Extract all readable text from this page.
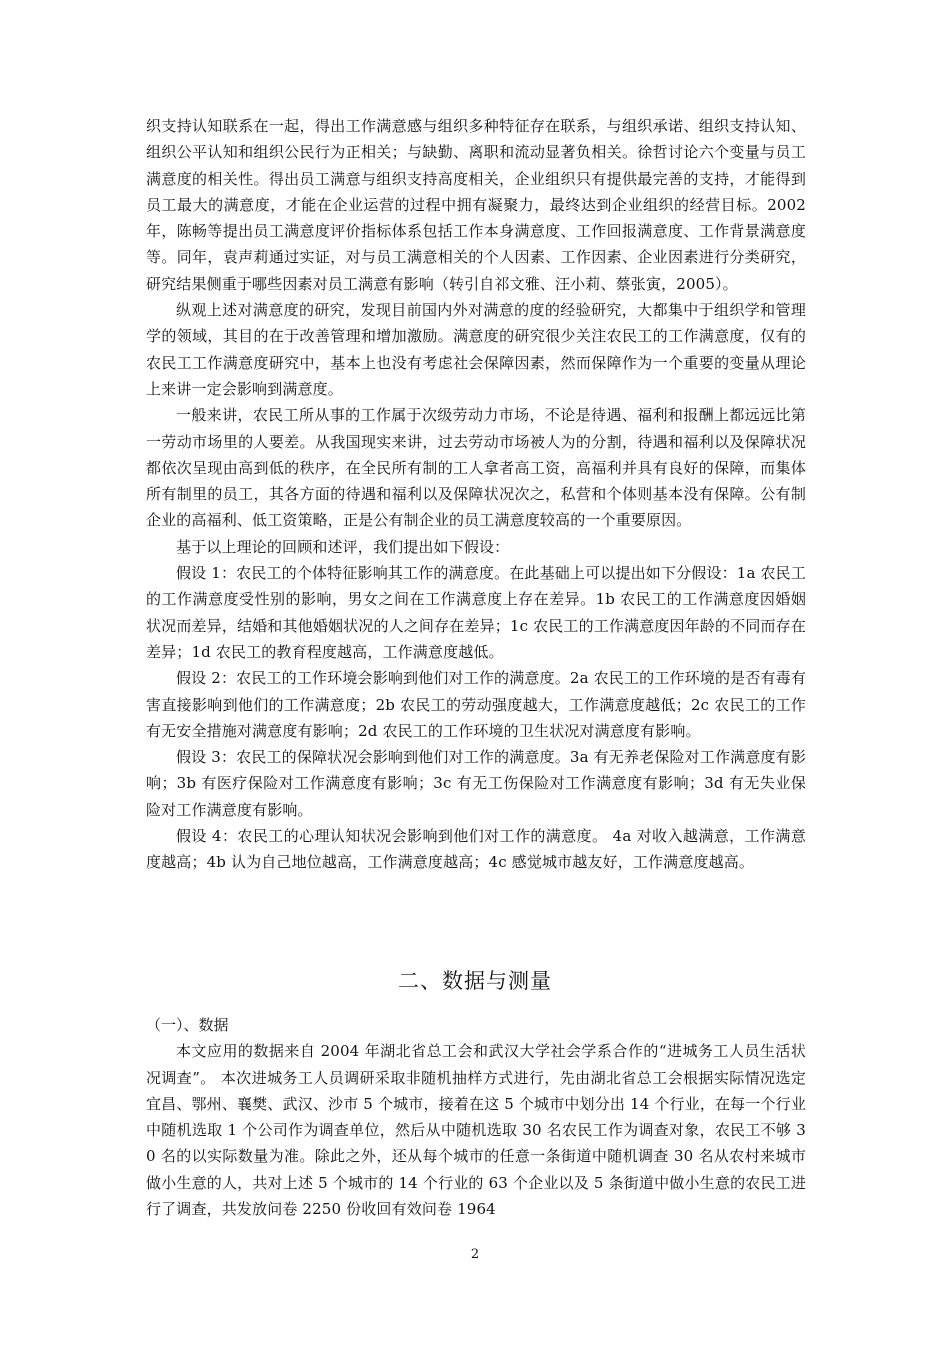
织支持认知联系在一起，得出工作满意感与组织多种特征存在联系，与组织承诺、组织支持认知、组织公平认知和组织公民行为正相关；与缺勤、离职和流动显著负相关。徐哲讨论六个变量与员工满意度的相关性。得出员工满意与组织支持高度相关，企业组织只有提供最完善的支持，才能得到员工最大的满意度，才能在企业运营的过程中拥有凝聚力，最终达到企业组织的经营目标。2002 年，陈畅等提出员工满意度评价指标体系包括工作本身满意度、工作回报满意度、工作背景满意度等。同年，袁声莉通过实证，对与员工满意相关的个人因素、工作因素、企业因素进行分类研究，研究结果侧重于哪些因素对员工满意有影响（转引自祁文雅、汪小莉、蔡张寅，2005）。

纵观上述对满意度的研究，发现目前国内外对满意的度的经验研究，大都集中于组织学和管理学的领域，其目的在于改善管理和增加激励。满意度的研究很少关注农民工的工作满意度，仅有的农民工工作满意度研究中，基本上也没有考虑社会保障因素，然而保障作为一个重要的变量从理论上来讲一定会影响到满意度。

一般来讲，农民工所从事的工作属于次级劳动力市场，不论是待遇、福利和报酬上都远远比第一劳动市场里的人要差。从我国现实来讲，过去劳动市场被人为的分割，待遇和福利以及保障状况都依次呈现由高到低的秩序，在全民所有制的工人拿者高工资，高福利并具有良好的保障，而集体所有制里的员工，其各方面的待遇和福利以及保障状况次之，私营和个体则基本没有保障。公有制企业的高福利、低工资策略，正是公有制企业的员工满意度较高的一个重要原因。

基于以上理论的回顾和述评，我们提出如下假设：

假设 1：农民工的个体特征影响其工作的满意度。在此基础上可以提出如下分假设：1a 农民工的工作满意度受性别的影响，男女之间在工作满意度上存在差异。1b 农民工的工作满意度因婚姻状况而差异，结婚和其他婚姻状况的人之间存在差异；1c 农民工的工作满意度因年龄的不同而存在差异；1d 农民工的教育程度越高，工作满意度越低。

假设 2：农民工的工作环境会影响到他们对工作的满意度。2a 农民工的工作环境的是否有毒有害直接影响到他们的工作满意度；2b 农民工的劳动强度越大，工作满意度越低；2c 农民工的工作有无安全措施对满意度有影响；2d 农民工的工作环境的卫生状况对满意度有影响。

假设 3：农民工的保障状况会影响到他们对工作的满意度。3a 有无养老保险对工作满意度有影响；3b 有医疗保险对工作满意度有影响；3c 有无工伤保险对工作满意度有影响；3d 有无失业保险对工作满意度有影响。

假设 4：农民工的心理认知状况会影响到他们对工作的满意度。 4a 对收入越满意，工作满意度越高；4b 认为自己地位越高，工作满意度越高；4c 感觉城市越友好，工作满意度越高。

二、数据与测量
（一）、数据

本文应用的数据来自 2004 年湖北省总工会和武汉大学社会学系合作的“进城务工人员生活状况调查”。 本次进城务工人员调研采取非随机抽样方式进行，先由湖北省总工会根据实际情况选定宜昌、鄂州、襄樊、武汉、沙市 5 个城市，接着在这 5 个城市中划分出 14 个行业，在每一个行业中随机选取 1 个公司作为调查单位，然后从中随机选取 30 名农民工作为调查对象，农民工不够 30 名的以实际数量为准。除此之外，还从每个城市的任意一条街道中随机调查 30 名从农村来城市做小生意的人，共对上述 5 个城市的 14 个行业的 63 个企业以及 5 条街道中做小生意的农民工进行了调查，共发放问卷 2250 份收回有效问卷 1964

2
